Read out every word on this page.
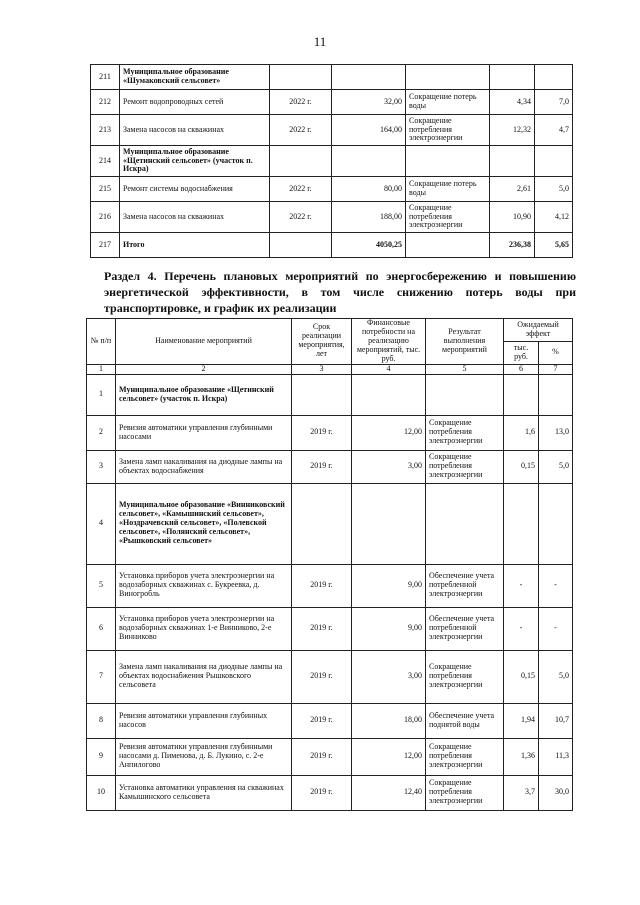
11
211	Муниципальное образование «Шумаковский сельсовет»					
212	Ремонт водопроводных сетей	2022 г.	32,00	Сокращение потерь воды	4,34	7,0
213	Замена насосов на скважинах	2022 г.	164,00	Сокращение потребления электроэнергии	12,32	4,7
214	Муниципальное образование «Щетинский сельсовет» (участок п. Искра)					
215	Ремонт системы водоснабжения	2022 г.	80,00	Сокращение потерь воды	2,61	5,0
216	Замена насосов на скважинах	2022 г.	188,00	Сокращение потребления электроэнергии	10,90	4,12
217	Итого		4050,25		236,38	5,65
Раздел 4. Перечень плановых мероприятий по энергосбережению и повышению энергетической эффективности, в том числе снижению потерь воды при транспортировке, и график их реализации
№ п/п	Наименование мероприятий	Срок реализации мероприятия, лет	Финансовые потребности на реализацию мероприятий, тыс. руб.	Результат выполнения мероприятий	Ожидаемый эффект	
					тыс. руб.	%
1	2	3	4	5	6	7
1	Муниципальное образование «Щетинский сельсовет» (участок п. Искра)					
2	Ревизия автоматики управления глубинными насосами	2019 г.	12,00	Сокращение потребления электроэнергии	1,6	13,0
3	Замена ламп накаливания на диодные лампы на объектах водоснабжения	2019 г.	3,00	Сокращение потребления электроэнергии	0,15	5,0
4	Муниципальное образование «Винниковский сельсовет», «Камышинский сельсовет», «Ноздрачевский сельсовет», «Полевской сельсовет», «Полянский сельсовет», «Рышковский сельсовет»					
5	Установка приборов учета электроэнергии на водозаборных скважинах с. Букреевка, д. Виногробль	2019 г.	9,00	Обеспечение учета потребленной электроэнергии	-	-
6	Установка приборов учета электроэнергии на водозаборных скважинах 1-е Винниково, 2-е Винниково	2019 г.	9,00	Обеспечение учета потребленной электроэнергии	-	-
7	Замена ламп накаливания на диодные лампы на объектах водоснабжения Рышковского сельсовета	2019 г.	3,00	Сокращение потребления электроэнергии	0,15	5,0
8	Ревизия автоматики управления глубинных насосов	2019 г.	18,00	Обеспечение учета поднятой воды	1,94	10,7
9	Ревизия автоматики управления глубинными насосами д. Пименова, д. Б. Лукино, с. 2-е Анпилогово	2019 г.	12,00	Сокращение потребления электроэнергии	1,36	11,3
10	Установка автоматики управления на скважинах Камышинского сельсовета	2019 г.	12,40	Сокращение потребления электроэнергии	3,7	30,0
